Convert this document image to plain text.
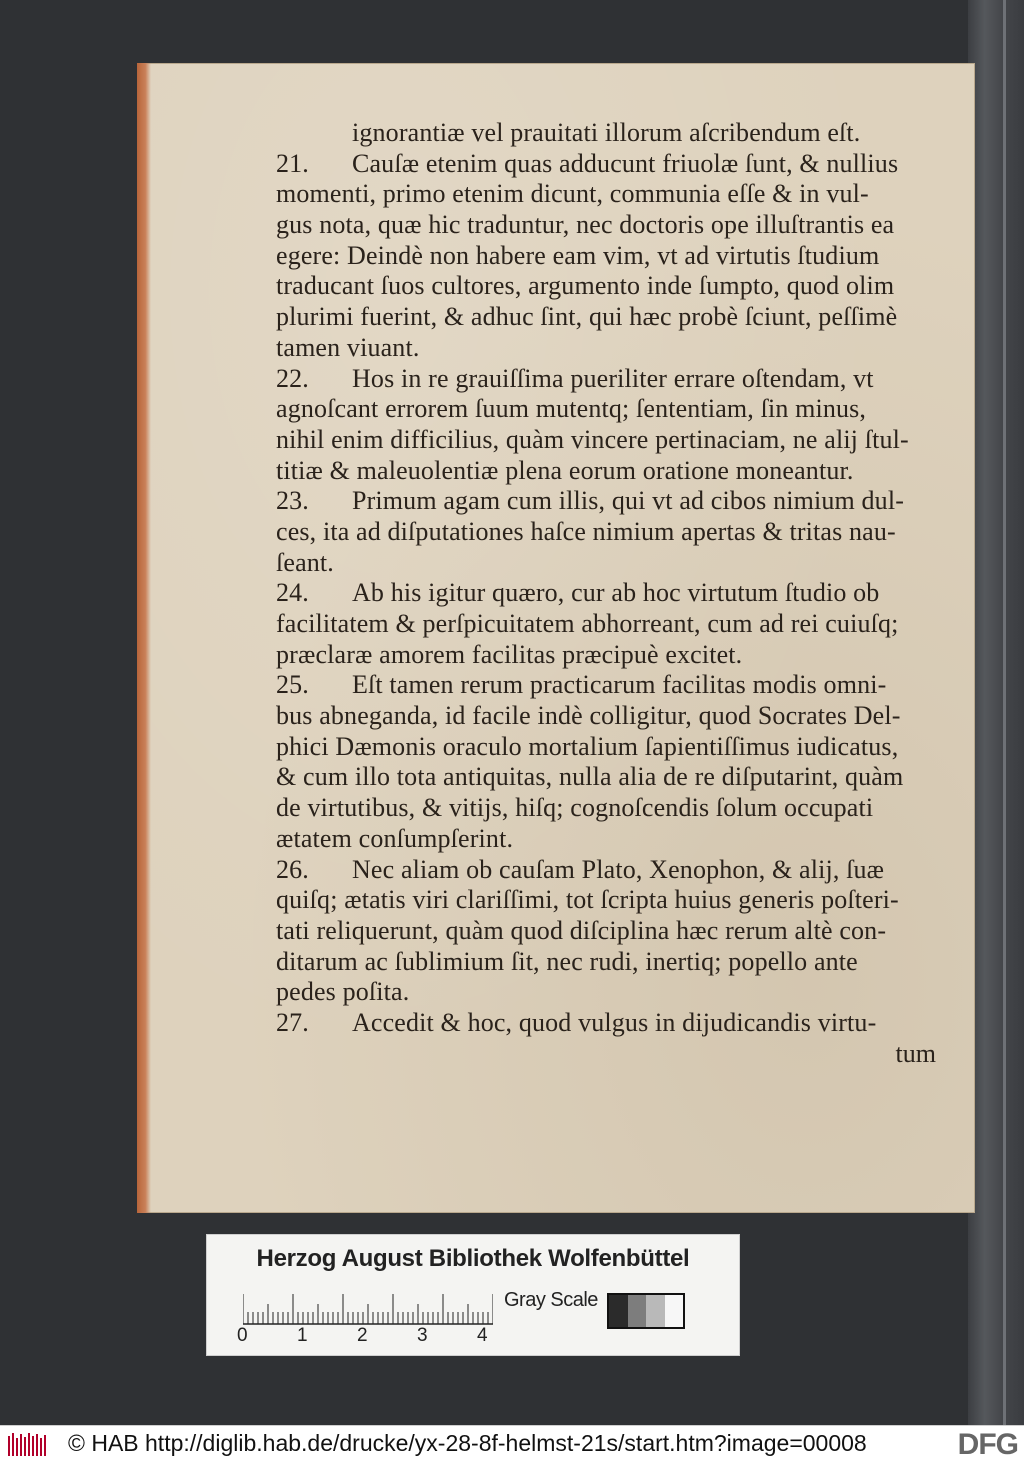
ignorantiæ vel prauitati illorum aſcribendum eſt.
21. Cauſæ etenim quas adducunt friuolæ ſunt, & nullius
momenti, primo etenim dicunt, communia eſſe & in vul-
gus nota, quæ hic traduntur, nec doctoris ope illuſtrantis ea
egere: Deindè non habere eam vim, vt ad virtutis ſtudium
traducant ſuos cultores, argumento inde ſumpto, quod olim
plurimi fuerint, & adhuc ſint, qui hæc probè ſciunt, peſſimè
tamen viuant.
22. Hos in re grauiſſima pueriliter errare oſtendam, vt
agnoſcant errorem ſuum mutentq; ſententiam, ſin minus,
nihil enim difficilius, quàm vincere pertinaciam, ne alij ſtul-
titiæ & maleuolentiæ plena eorum oratione moneantur.
23. Primum agam cum illis, qui vt ad cibos nimium dul-
ces, ita ad diſputationes haſce nimium apertas & tritas nau-
ſeant.
24. Ab his igitur quæro, cur ab hoc virtutum ſtudio ob
facilitatem & perſpicuitatem abhorreant, cum ad rei cuiuſq;
præclaræ amorem facilitas præcipuè excitet.
25. Eſt tamen rerum practicarum facilitas modis omni-
bus abneganda, id facile indè colligitur, quod Socrates Del-
phici Dæmonis oraculo mortalium ſapientiſſimus iudicatus,
& cum illo tota antiquitas, nulla alia de re diſputarint, quàm
de virtutibus, & vitijs, hiſq; cognoſcendis ſolum occupati
ætatem conſumpſerint.
26. Nec aliam ob cauſam Plato, Xenophon, & alij, ſuæ
quiſq; ætatis viri clariſſimi, tot ſcripta huius generis poſteri-
tati reliquerunt, quàm quod diſciplina hæc rerum altè con-
ditarum ac ſublimium ſit, nec rudi, inertiq; popello ante
pedes poſita.
27. Accedit & hoc, quod vulgus in dijudicandis virtu-
tum
Herzog August Bibliothek Wolfenbüttel
0	1	2	3	4
Gray Scale
© HAB http://diglib.hab.de/drucke/yx-28-8f-helmst-21s/start.htm?image=00008	DFG
